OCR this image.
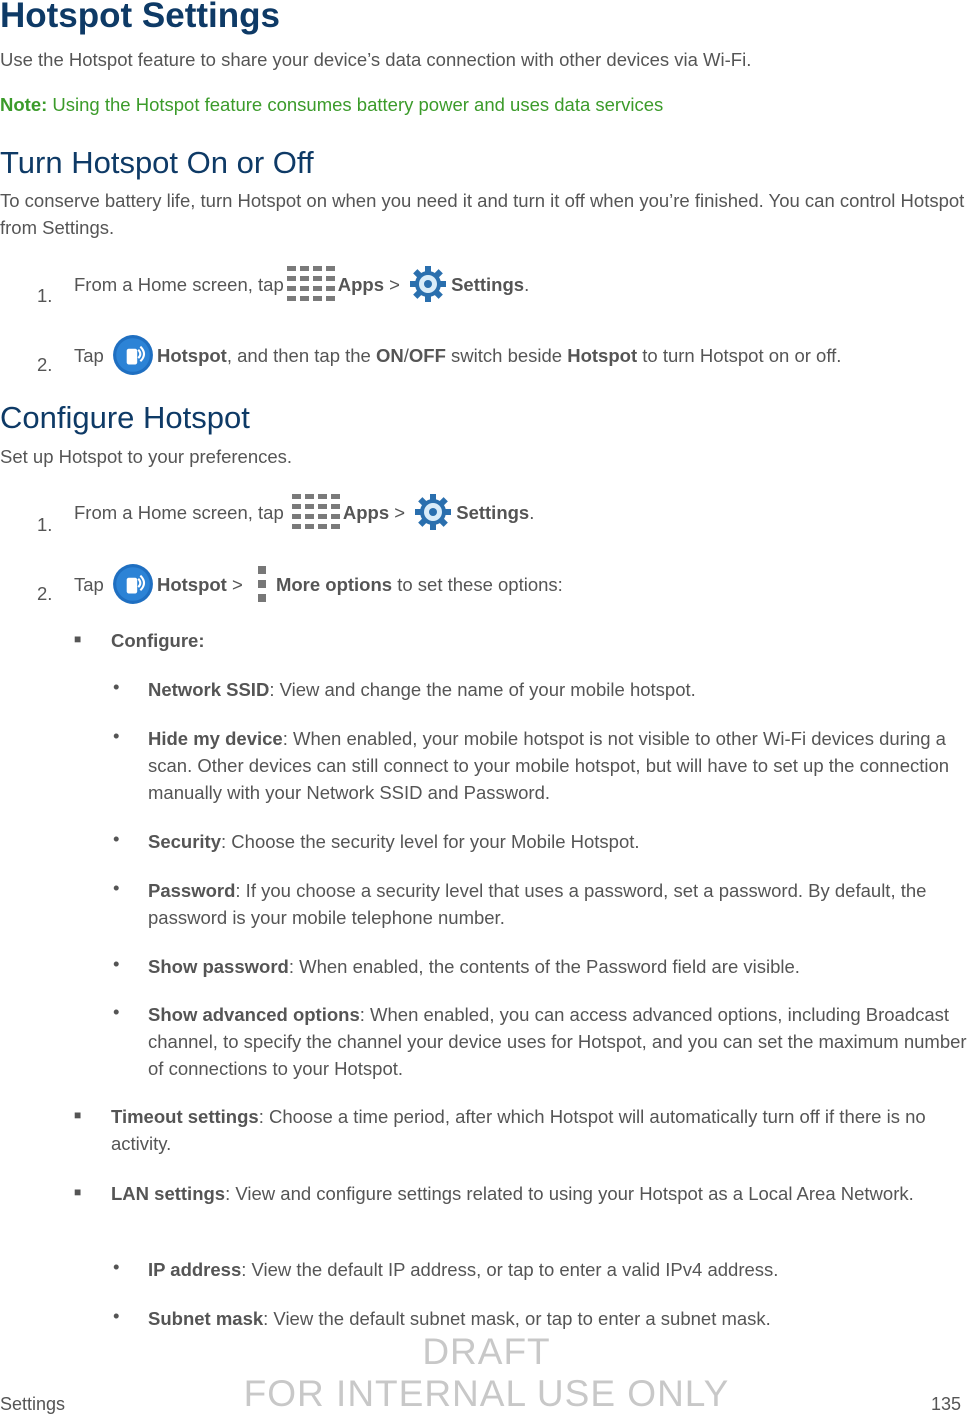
Hotspot Settings
Use the Hotspot feature to share your device’s data connection with other devices via Wi-Fi.
Note: Using the Hotspot feature consumes battery power and uses data services
Turn Hotspot On or Off
To conserve battery life, turn Hotspot on when you need it and turn it off when you’re finished. You can control Hotspot from Settings.
1.
From a Home screen, tap	Apps > Settings .
2. Tap	Hotspot , and then tap the ON / OFF switch beside Hotspot to turn Hotspot on or off.
Configure Hotspot
Set up Hotspot to your preferences.
1.
From a Home screen, tap	Apps > Settings .
2. Tap	Hotspot > More options to set these options:
■ Configure:
• Network SSID: View and change the name of your mobile hotspot.
• Hide my device: When enabled, your mobile hotspot is not visible to other Wi-Fi devices during a scan. Other devices can still connect to your mobile hotspot, but will have to set up the connection manually with your Network SSID and Password.
• Security: Choose the security level for your Mobile Hotspot.
• Password: If you choose a security level that uses a password, set a password. By default, the password is your mobile telephone number.
• Show password: When enabled, the contents of the Password field are visible.
• Show advanced options: When enabled, you can access advanced options, including Broadcast channel, to specify the channel your device uses for Hotspot, and you can set the maximum number of connections to your Hotspot.
■ Timeout settings: Choose a time period, after which Hotspot will automatically turn off if there is no activity.
■ LAN settings: View and configure settings related to using your Hotspot as a Local Area Network.
• IP address: View the default IP address, or tap to enter a valid IPv4 address.
• Subnet mask: View the default subnet mask, or tap to enter a subnet mask.
DRAFT
FOR INTERNAL USE ONLY
Settings	135
